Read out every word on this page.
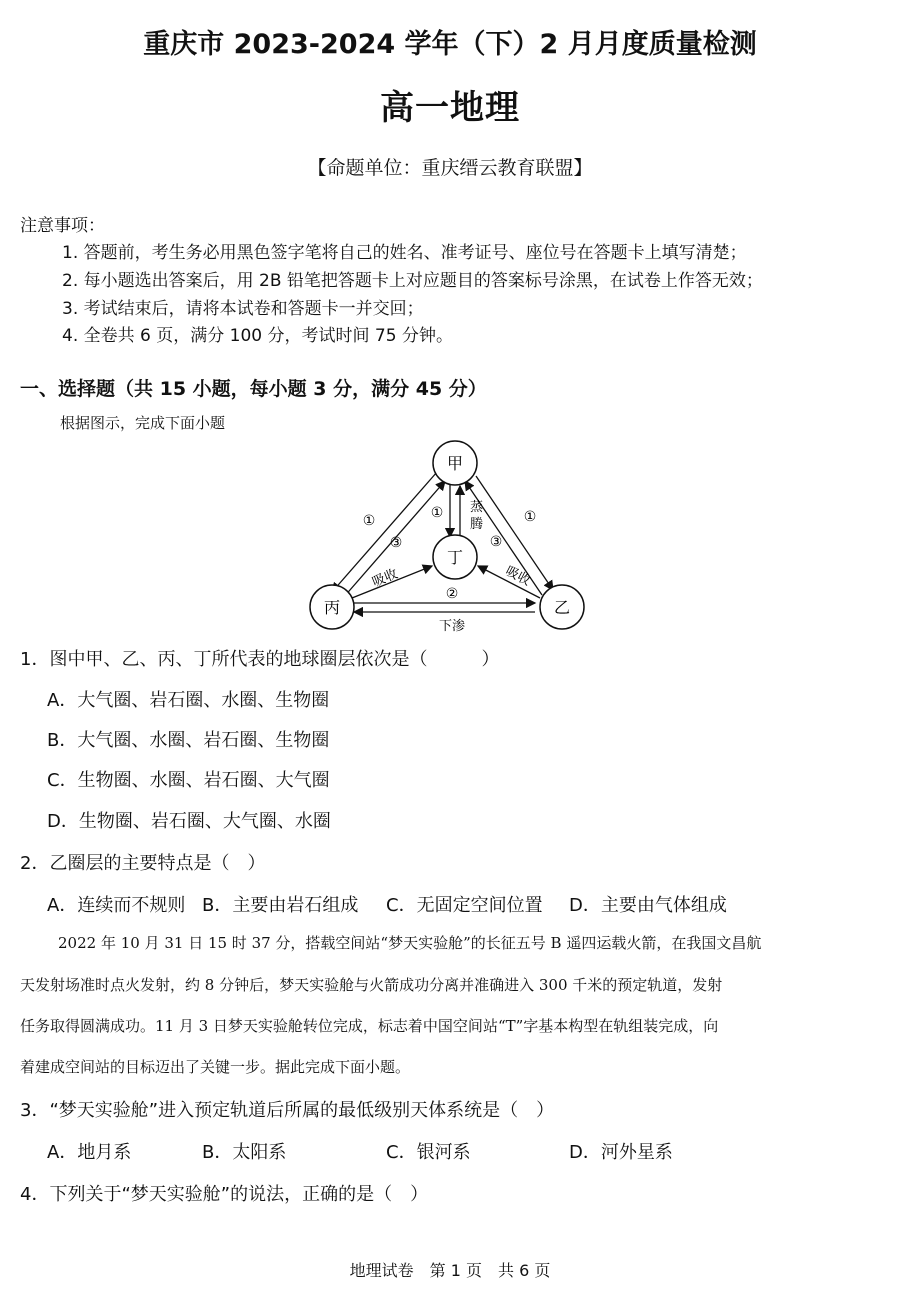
重庆市 2023-2024 学年（下）2 月月度质量检测
高一地理
【命题单位：重庆缙云教育联盟】
注意事项：
1. 答题前，考生务必用黑色签字笔将自己的姓名、准考证号、座位号在答题卡上填写清楚；
2. 每小题选出答案后，用 2B 铅笔把答题卡上对应题目的答案标号涂黑，在试卷上作答无效；
3. 考试结束后，请将本试卷和答题卡一并交回；
4. 全卷共 6 页，满分 100 分，考试时间 75 分钟。
一、选择题（共 15 小题，每小题 3 分，满分 45 分）
根据图示，完成下面小题
甲
丁
丙	乙
①
③
① 蒸
腾
③
①
吸收	吸收
②
下渗
1．图中甲、乙、丙、丁所代表的地球圈层依次是（　　　）
A．大气圈、岩石圈、水圈、生物圈
B．大气圈、水圈、岩石圈、生物圈
C．生物圈、水圈、岩石圈、大气圈
D．生物圈、岩石圈、大气圈、水圈
2．乙圈层的主要特点是（　）
A．连续而不规则 B．主要由岩石组成 C．无固定空间位置 D．主要由气体组成
2022 年 10 月 31 日 15 时 37 分，搭载空间站“梦天实验舱”的长征五号 B 遥四运载火箭，在我国文昌航
天发射场准时点火发射，约 8 分钟后，梦天实验舱与火箭成功分离并准确进入 300 千米的预定轨道，发射
任务取得圆满成功。11 月 3 日梦天实验舱转位完成，标志着中国空间站“T”字基本构型在轨组装完成，向
着建成空间站的目标迈出了关键一步。据此完成下面小题。
3．“梦天实验舱”进入预定轨道后所属的最低级别天体系统是（　）
A．地月系	B．太阳系	C．银河系	D．河外星系
4．下列关于“梦天实验舱”的说法，正确的是（　）
地理试卷　第 1 页　共 6 页
